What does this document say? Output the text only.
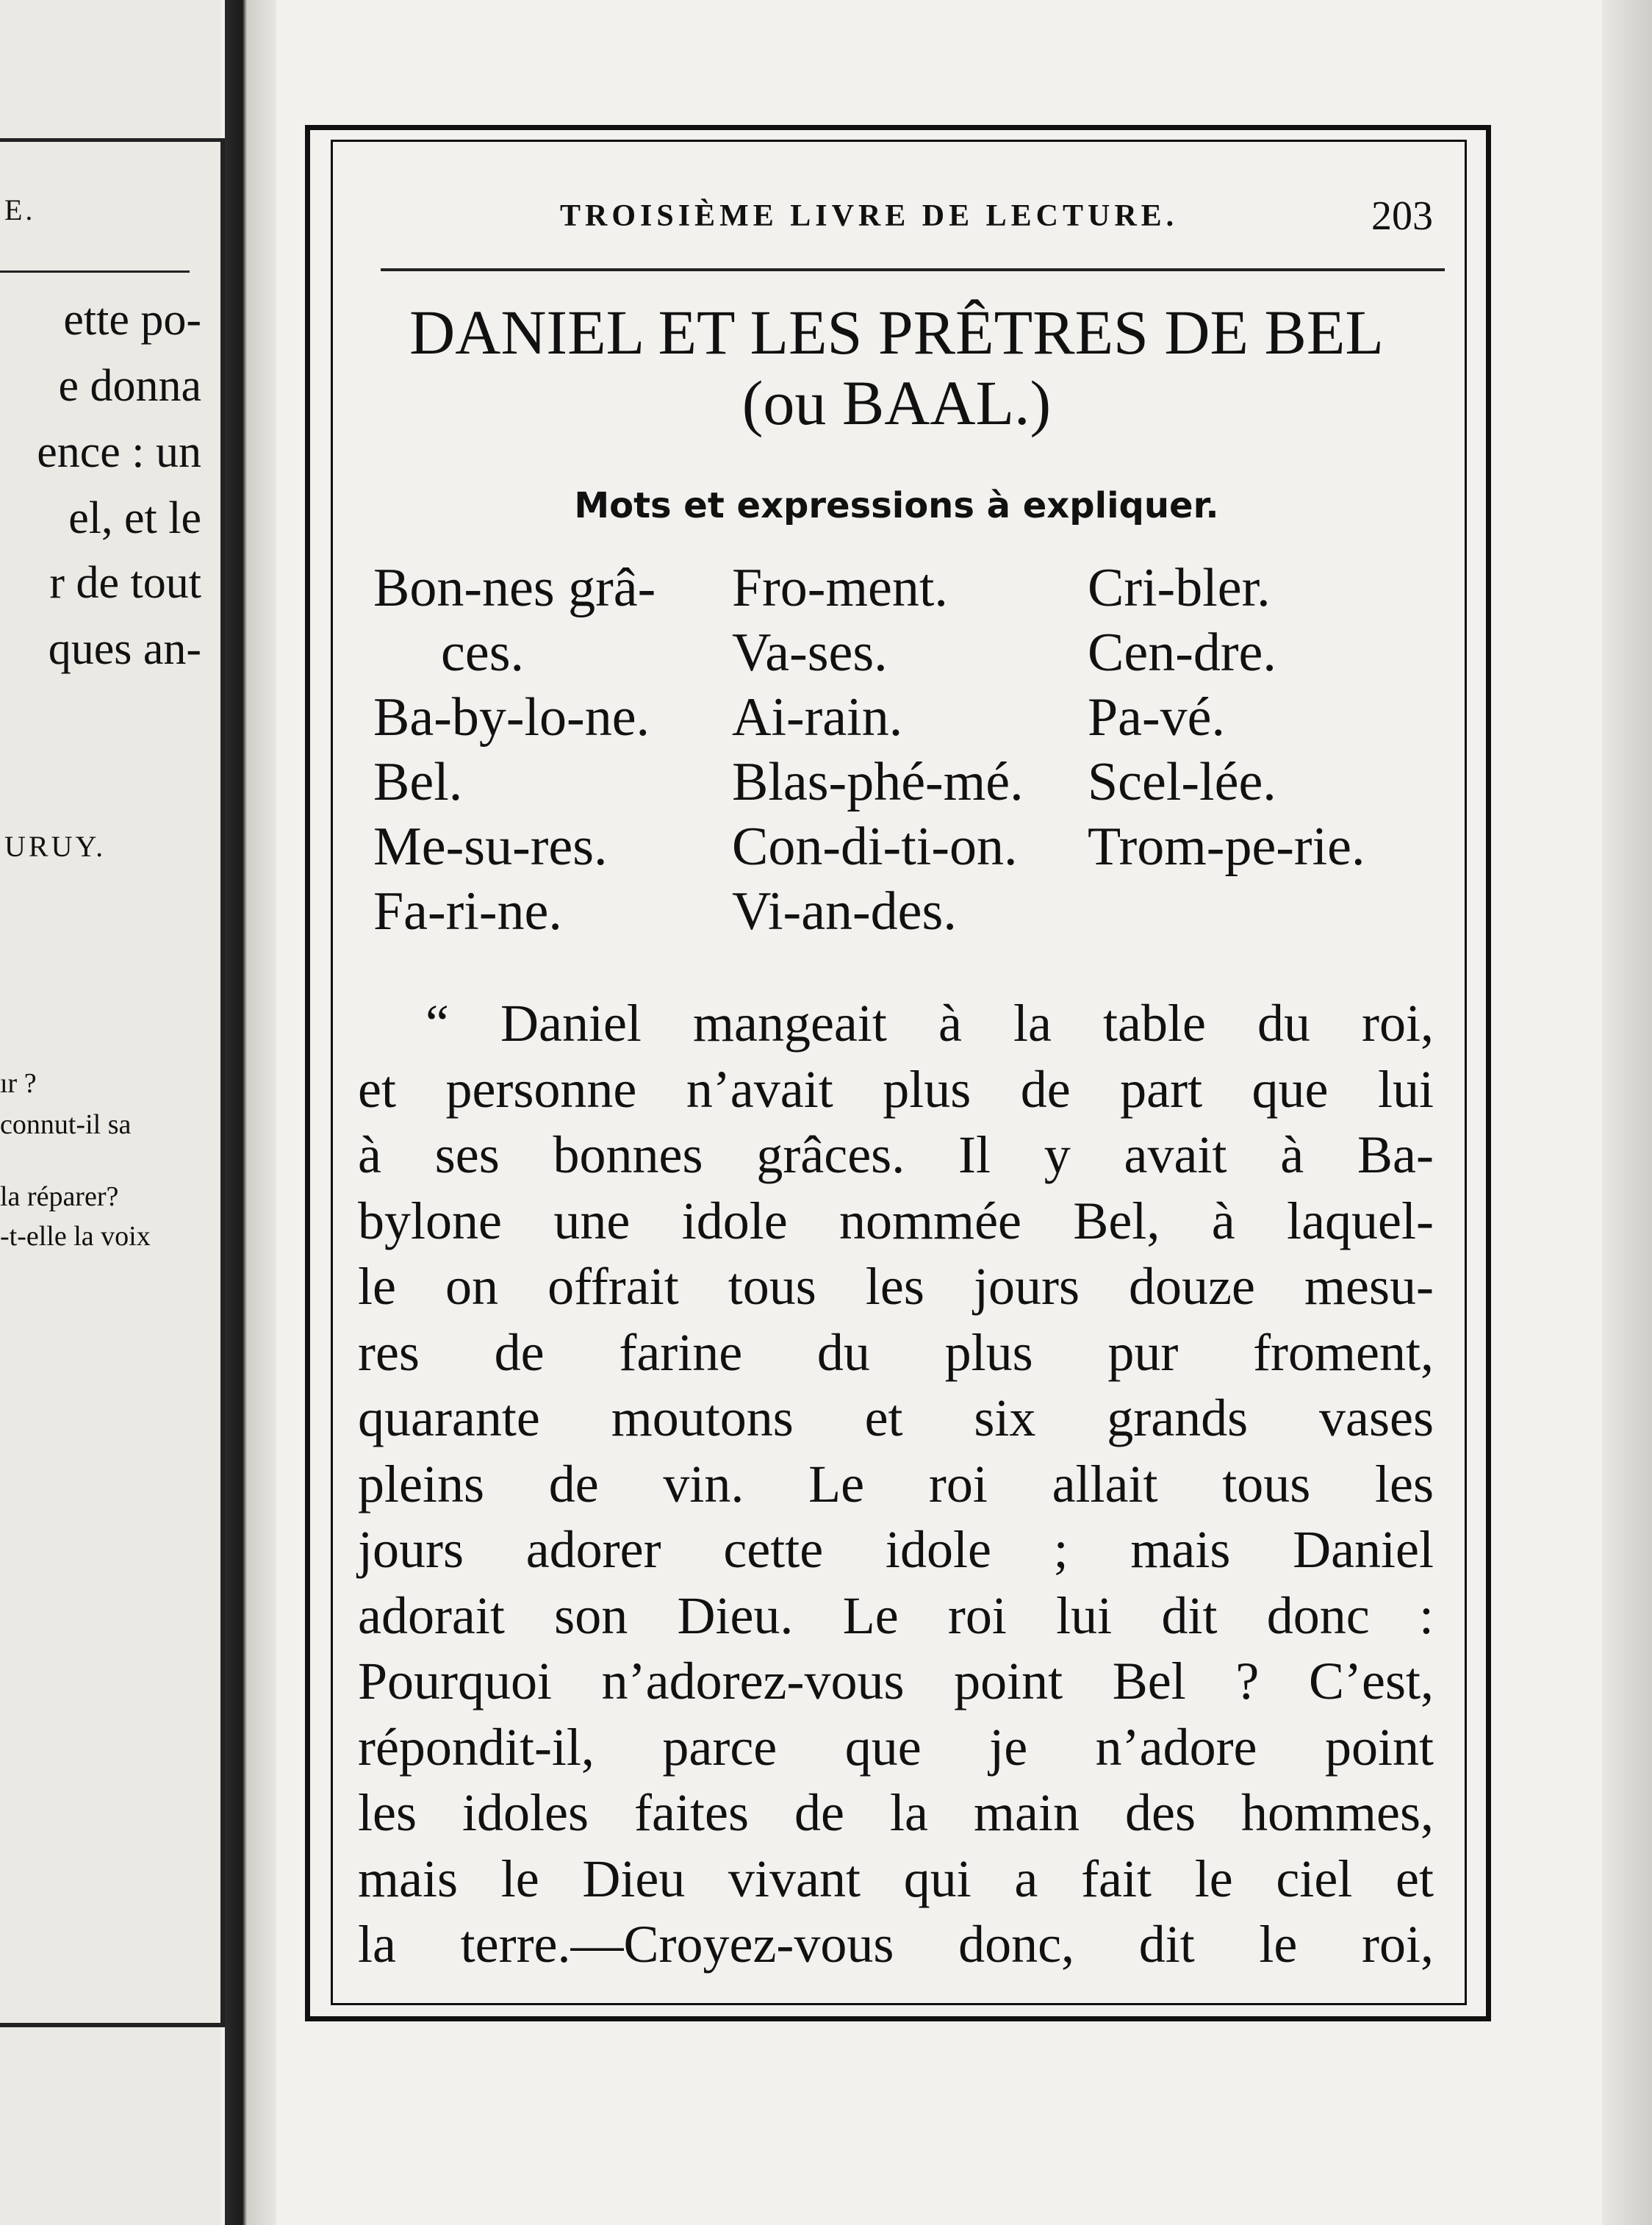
E.
ette po-
e donna
ence : un
el, et le
r de tout
ques an-
URUY.
ır ?
connut-il sa
la réparer?
-t-elle la voix
TROISIÈME LIVRE DE LECTURE.	203
DANIEL ET LES PRÊTRES DE BEL
(ou BAAL.)
Mots et expressions à expliquer.
Bon-nes grâ-
ces.
Ba-by-lo-ne.
Bel.
Me-su-res.
Fa-ri-ne.
Fro-ment.
Va-ses.
Ai-rain.
Blas-phé-mé.
Con-di-ti-on.
Vi-an-des.
Cri-bler.
Cen-dre.
Pa-vé.
Scel-lée.
Trom-pe-rie.
“ Daniel mangeait à la table du roi,
et personne n’avait plus de part que lui
à ses bonnes grâces. Il y avait à Ba-
bylone une idole nommée Bel, à laquel-
le on offrait tous les jours douze mesu-
res de farine du plus pur froment,
quarante moutons et six grands vases
pleins de vin. Le roi allait tous les
jours adorer cette idole ; mais Daniel
adorait son Dieu. Le roi lui dit donc :
Pourquoi n’adorez-vous point Bel ? C’est,
répondit-il, parce que je n’adore point
les idoles faites de la main des hommes,
mais le Dieu vivant qui a fait le ciel et
la terre.—Croyez-vous donc, dit le roi,
